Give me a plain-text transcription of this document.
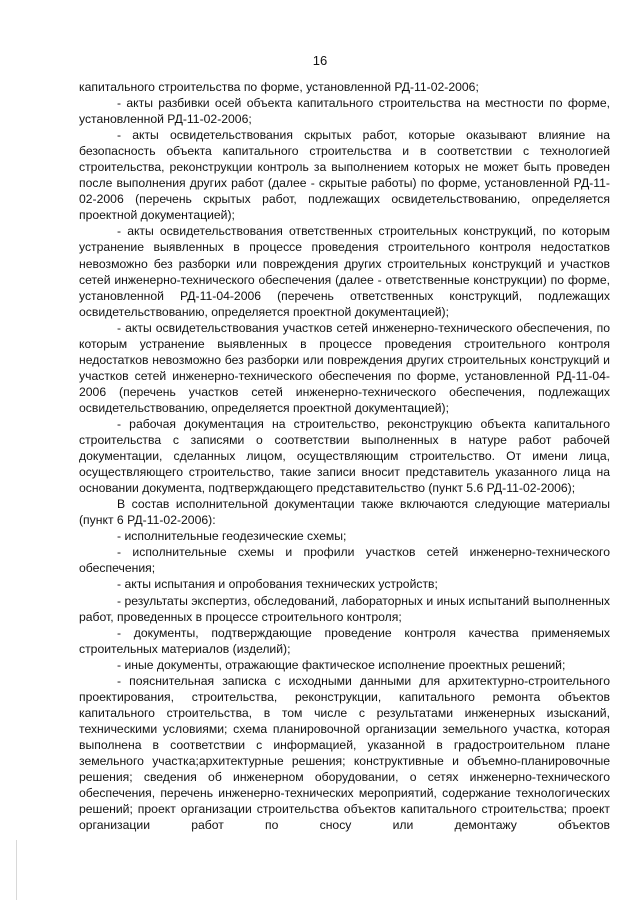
16

капитального строительства по форме, установленной РД-11-02-2006;

- акты разбивки осей объекта капитального строительства на местности по форме, установленной РД-11-02-2006;

- акты освидетельствования скрытых работ, которые оказывают влияние на безопасность объекта капитального строительства и в соответствии с технологией строительства, реконструкции контроль за выполнением которых не может быть проведен после выполнения других работ (далее - скрытые работы) по форме, установленной РД-11-02-2006 (перечень скрытых работ, подлежащих освидетельствованию, определяется проектной документацией);

- акты освидетельствования ответственных строительных конструкций, по которым устранение выявленных в процессе проведения строительного контроля недостатков невозможно без разборки или повреждения других строительных конструкций и участков сетей инженерно-технического обеспечения (далее - ответственные конструкции) по форме, установленной РД-11-04-2006 (перечень ответственных конструкций, подлежащих освидетельствованию, определяется проектной документацией);

- акты освидетельствования участков сетей инженерно-технического обеспечения, по которым устранение выявленных в процессе проведения строительного контроля недостатков невозможно без разборки или повреждения других строительных конструкций и участков сетей инженерно-технического обеспечения по форме, установленной РД-11-04-2006 (перечень участков сетей инженерно-технического обеспечения, подлежащих освидетельствованию, определяется проектной документацией);

- рабочая документация на строительство, реконструкцию объекта капитального строительства с записями о соответствии выполненных в натуре работ рабочей документации, сделанных лицом, осуществляющим строительство. От имени лица, осуществляющего строительство, такие записи вносит представитель указанного лица на основании документа, подтверждающего представительство (пункт 5.6 РД-11-02-2006);

В состав исполнительной документации также включаются следующие материалы (пункт 6 РД-11-02-2006):

- исполнительные геодезические схемы;

- исполнительные схемы и профили участков сетей инженерно-технического обеспечения;

- акты испытания и опробования технических устройств;

- результаты экспертиз, обследований, лабораторных и иных испытаний выполненных работ, проведенных в процессе строительного контроля;

- документы, подтверждающие проведение контроля качества применяемых строительных материалов (изделий);

- иные документы, отражающие фактическое исполнение проектных решений;

- пояснительная записка с исходными данными для архитектурно-строительного проектирования, строительства, реконструкции, капитального ремонта объектов капитального строительства, в том числе с результатами инженерных изысканий, техническими условиями; схема планировочной организации земельного участка, которая выполнена в соответствии с информацией, указанной в градостроительном плане земельного участка;архитектурные решения; конструктивные и объемно-планировочные решения; сведения об инженерном оборудовании, о сетях инженерно-технического обеспечения, перечень инженерно-технических мероприятий, содержание технологических решений; проект организации строительства объектов капитального строительства; проект организации работ по сносу или демонтажу объектов
